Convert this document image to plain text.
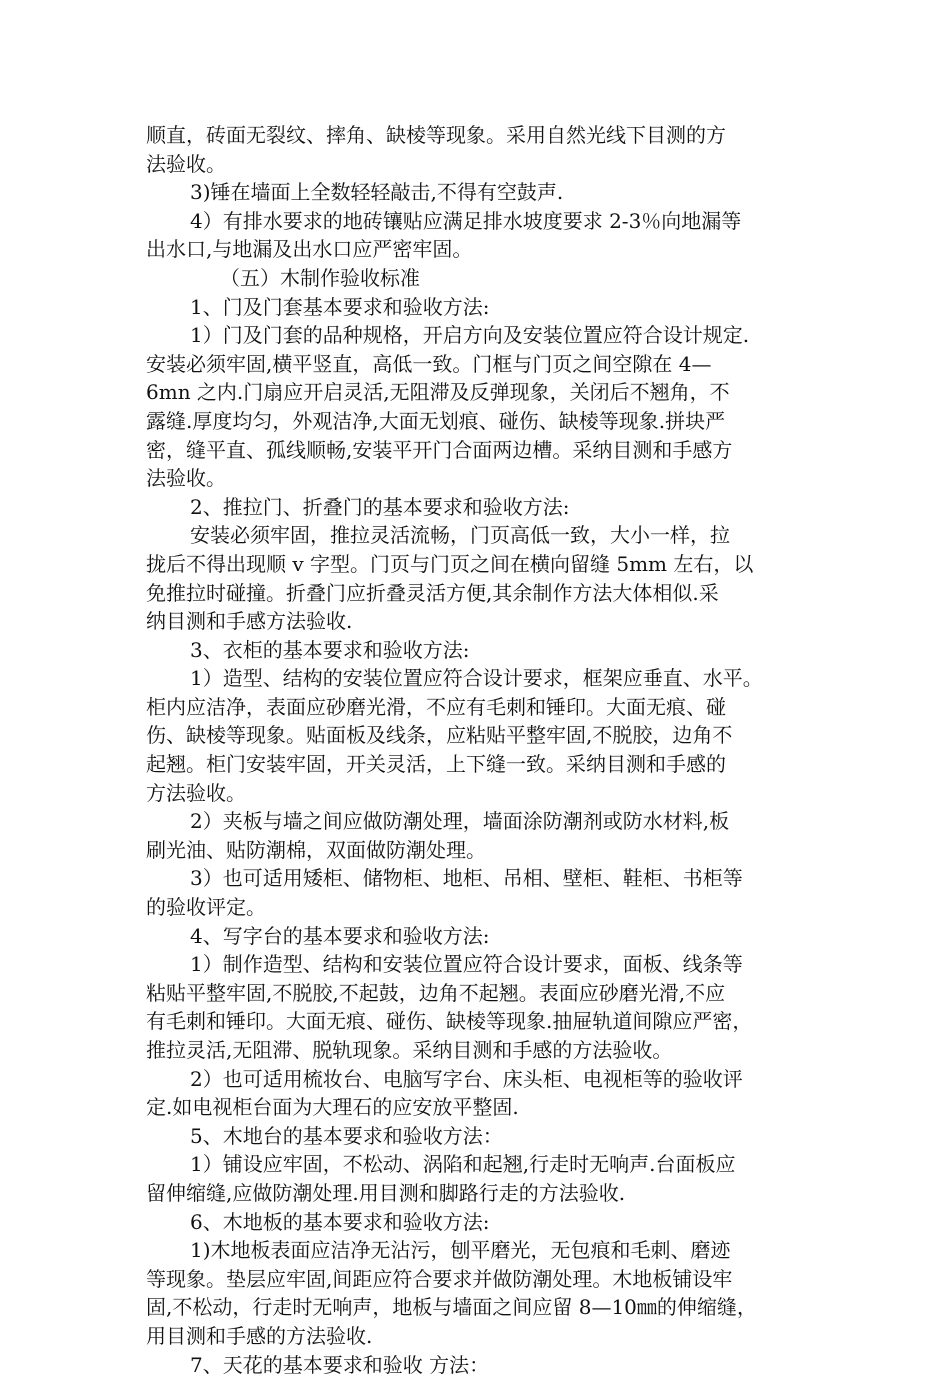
顺直，砖面无裂纹、摔角、缺棱等现象。采用自然光线下目测的方
法验收。
3)锤在墙面上全数轻轻敲击,不得有空鼓声.
4）有排水要求的地砖镶贴应满足排水坡度要求 2-3％向地漏等
出水口,与地漏及出水口应严密牢固。
（五）木制作验收标准
1、门及门套基本要求和验收方法:
1）门及门套的品种规格，开启方向及安装位置应符合设计规定.
安装必须牢固,横平竖直，高低一致。门框与门页之间空隙在 4—
6mn 之内.门扇应开启灵活,无阻滞及反弹现象，关闭后不翘角，不
露缝.厚度均匀，外观洁净,大面无划痕、碰伤、缺棱等现象.拼块严
密，缝平直、孤线顺畅,安装平开门合面两边槽。采纳目测和手感方
法验收。
2、推拉门、折叠门的基本要求和验收方法:
安装必须牢固，推拉灵活流畅，门页高低一致，大小一样，拉
拢后不得出现顺 v 字型。门页与门页之间在横向留缝 5mm 左右，以
免推拉时碰撞。折叠门应折叠灵活方便,其余制作方法大体相似.采
纳目测和手感方法验收.
3、衣柜的基本要求和验收方法:
1）造型、结构的安装位置应符合设计要求，框架应垂直、水平。
柜内应洁净，表面应砂磨光滑，不应有毛刺和锤印。大面无痕、碰
伤、缺棱等现象。贴面板及线条，应粘贴平整牢固,不脱胶，边角不
起翘。柜门安装牢固，开关灵活，上下缝一致。采纳目测和手感的
方法验收。
2）夹板与墙之间应做防潮处理，墙面涂防潮剂或防水材料,板
刷光油、贴防潮棉，双面做防潮处理。
3）也可适用矮柜、储物柜、地柜、吊相、壁柜、鞋柜、书柜等
的验收评定。
4、写字台的基本要求和验收方法:
1）制作造型、结构和安装位置应符合设计要求，面板、线条等
粘贴平整牢固,不脱胶,不起鼓，边角不起翘。表面应砂磨光滑,不应
有毛刺和锤印。大面无痕、碰伤、缺棱等现象.抽屉轨道间隙应严密，
推拉灵活,无阻滞、脱轨现象。采纳目测和手感的方法验收。
2）也可适用梳妆台、电脑写字台、床头柜、电视柜等的验收评
定.如电视柜台面为大理石的应安放平整固.
5、木地台的基本要求和验收方法：
1）铺设应牢固，不松动、涡陷和起翘,行走时无响声.台面板应
留伸缩缝,应做防潮处理.用目测和脚路行走的方法验收.
6、木地板的基本要求和验收方法:
1)木地板表面应洁净无沾污，刨平磨光，无包痕和毛刺、磨迹
等现象。垫层应牢固,间距应符合要求并做防潮处理。木地板铺设牢
固,不松动，行走时无响声，地板与墙面之间应留 8—10㎜的伸缩缝，
用目测和手感的方法验收.
7、天花的基本要求和验收 方法：
